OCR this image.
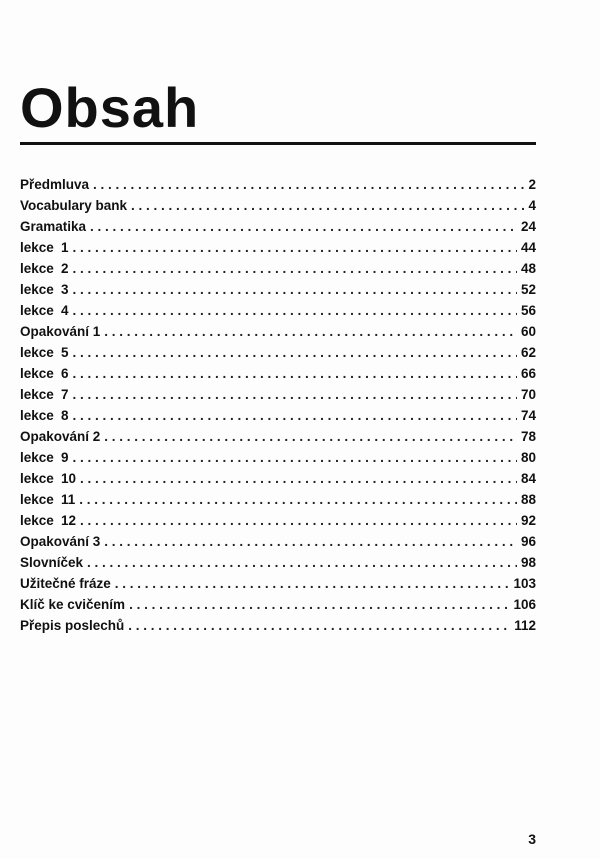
Obsah
Předmluva . . .	2
Vocabulary bank . . .	4
Gramatika . . .	24
lekce 1 . . .	44
lekce 2 . . .	48
lekce 3 . . .	52
lekce 4 . . .	56
Opakování 1 . . .	60
lekce 5 . . .	62
lekce 6 . . .	66
lekce 7 . . .	70
lekce 8 . . .	74
Opakování 2 . . .	78
lekce 9 . . .	80
lekce 10 . . .	84
lekce 11 . . .	88
lekce 12 . . .	92
Opakování 3 . . .	96
Slovníček . . .	98
Užitečné fráze . . .	103
Klíč ke cvičením . . .	106
Přepis poslechů . . .	112
3
